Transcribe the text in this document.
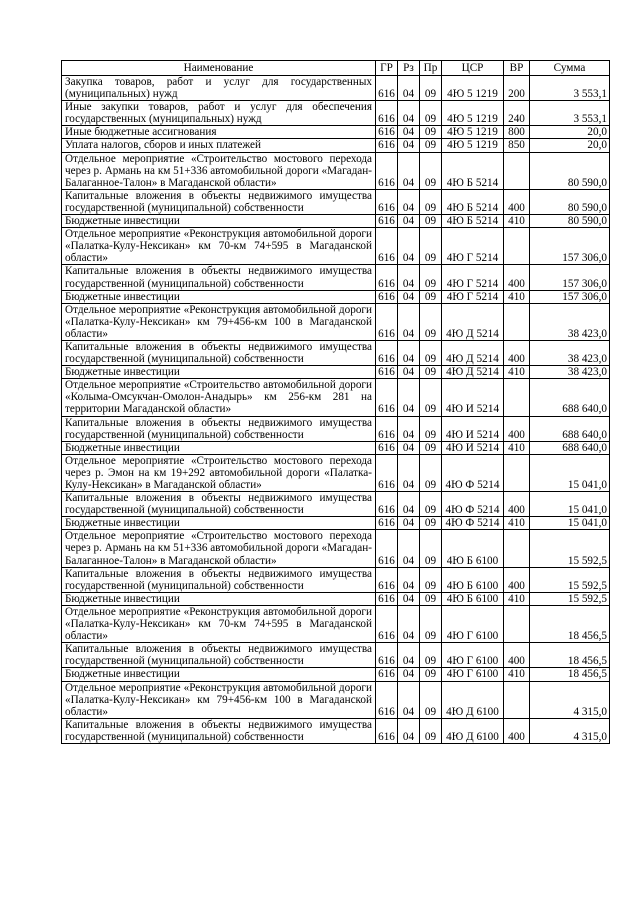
Наименование	ГР	Рз	Пр	ЦСР	ВР	Сумма
Закупка товаров, работ и услуг для государственных (муниципальных) нужд	616	04	09	4Ю 5 1219	200	3 553,1
Иные закупки товаров, работ и услуг для обеспечения государственных (муниципальных) нужд	616	04	09	4Ю 5 1219	240	3 553,1
Иные бюджетные ассигнования	616	04	09	4Ю 5 1219	800	20,0
Уплата налогов, сборов и иных платежей	616	04	09	4Ю 5 1219	850	20,0
Отдельное мероприятие «Строительство мостового перехода через р. Армань на км 51+336 автомобильной дороги «Магадан-Балаганное-Талон» в Магаданской области»	616	04	09	4Ю Б 5214		80 590,0
Капитальные вложения в объекты недвижимого имущества государственной (муниципальной) собственности	616	04	09	4Ю Б 5214	400	80 590,0
Бюджетные инвестиции	616	04	09	4Ю Б 5214	410	80 590,0
Отдельное мероприятие «Реконструкция автомобильной дороги «Палатка-Кулу-Нексикан» км 70-км 74+595 в Магаданской области»	616	04	09	4Ю Г 5214		157 306,0
Капитальные вложения в объекты недвижимого имущества государственной (муниципальной) собственности	616	04	09	4Ю Г 5214	400	157 306,0
Бюджетные инвестиции	616	04	09	4Ю Г 5214	410	157 306,0
Отдельное мероприятие «Реконструкция автомобильной дороги «Палатка-Кулу-Нексикан» км 79+456-км 100 в Магаданской области»	616	04	09	4Ю Д 5214		38 423,0
Капитальные вложения в объекты недвижимого имущества государственной (муниципальной) собственности	616	04	09	4Ю Д 5214	400	38 423,0
Бюджетные инвестиции	616	04	09	4Ю Д 5214	410	38 423,0
Отдельное мероприятие «Строительство автомобильной дороги «Колыма-Омсукчан-Омолон-Анадырь» км 256-км 281 на территории Магаданской области»	616	04	09	4Ю И 5214		688 640,0
Капитальные вложения в объекты недвижимого имущества государственной (муниципальной) собственности	616	04	09	4Ю И 5214	400	688 640,0
Бюджетные инвестиции	616	04	09	4Ю И 5214	410	688 640,0
Отдельное мероприятие «Строительство мостового перехода через р. Эмон на км 19+292 автомобильной дороги «Палатка-Кулу-Нексикан» в Магаданской области»	616	04	09	4Ю Ф 5214		15 041,0
Капитальные вложения в объекты недвижимого имущества государственной (муниципальной) собственности	616	04	09	4Ю Ф 5214	400	15 041,0
Бюджетные инвестиции	616	04	09	4Ю Ф 5214	410	15 041,0
Отдельное мероприятие «Строительство мостового перехода через р. Армань на км 51+336 автомобильной дороги «Магадан-Балаганное-Талон» в Магаданской области»	616	04	09	4Ю Б 6100		15 592,5
Капитальные вложения в объекты недвижимого имущества государственной (муниципальной) собственности	616	04	09	4Ю Б 6100	400	15 592,5
Бюджетные инвестиции	616	04	09	4Ю Б 6100	410	15 592,5
Отдельное мероприятие «Реконструкция автомобильной дороги «Палатка-Кулу-Нексикан» км 70-км 74+595 в Магаданской области»	616	04	09	4Ю Г 6100		18 456,5
Капитальные вложения в объекты недвижимого имущества государственной (муниципальной) собственности	616	04	09	4Ю Г 6100	400	18 456,5
Бюджетные инвестиции	616	04	09	4Ю Г 6100	410	18 456,5
Отдельное мероприятие «Реконструкция автомобильной дороги «Палатка-Кулу-Нексикан» км 79+456-км 100 в Магаданской области»	616	04	09	4Ю Д 6100		4 315,0
Капитальные вложения в объекты недвижимого имущества государственной (муниципальной) собственности	616	04	09	4Ю Д 6100	400	4 315,0
